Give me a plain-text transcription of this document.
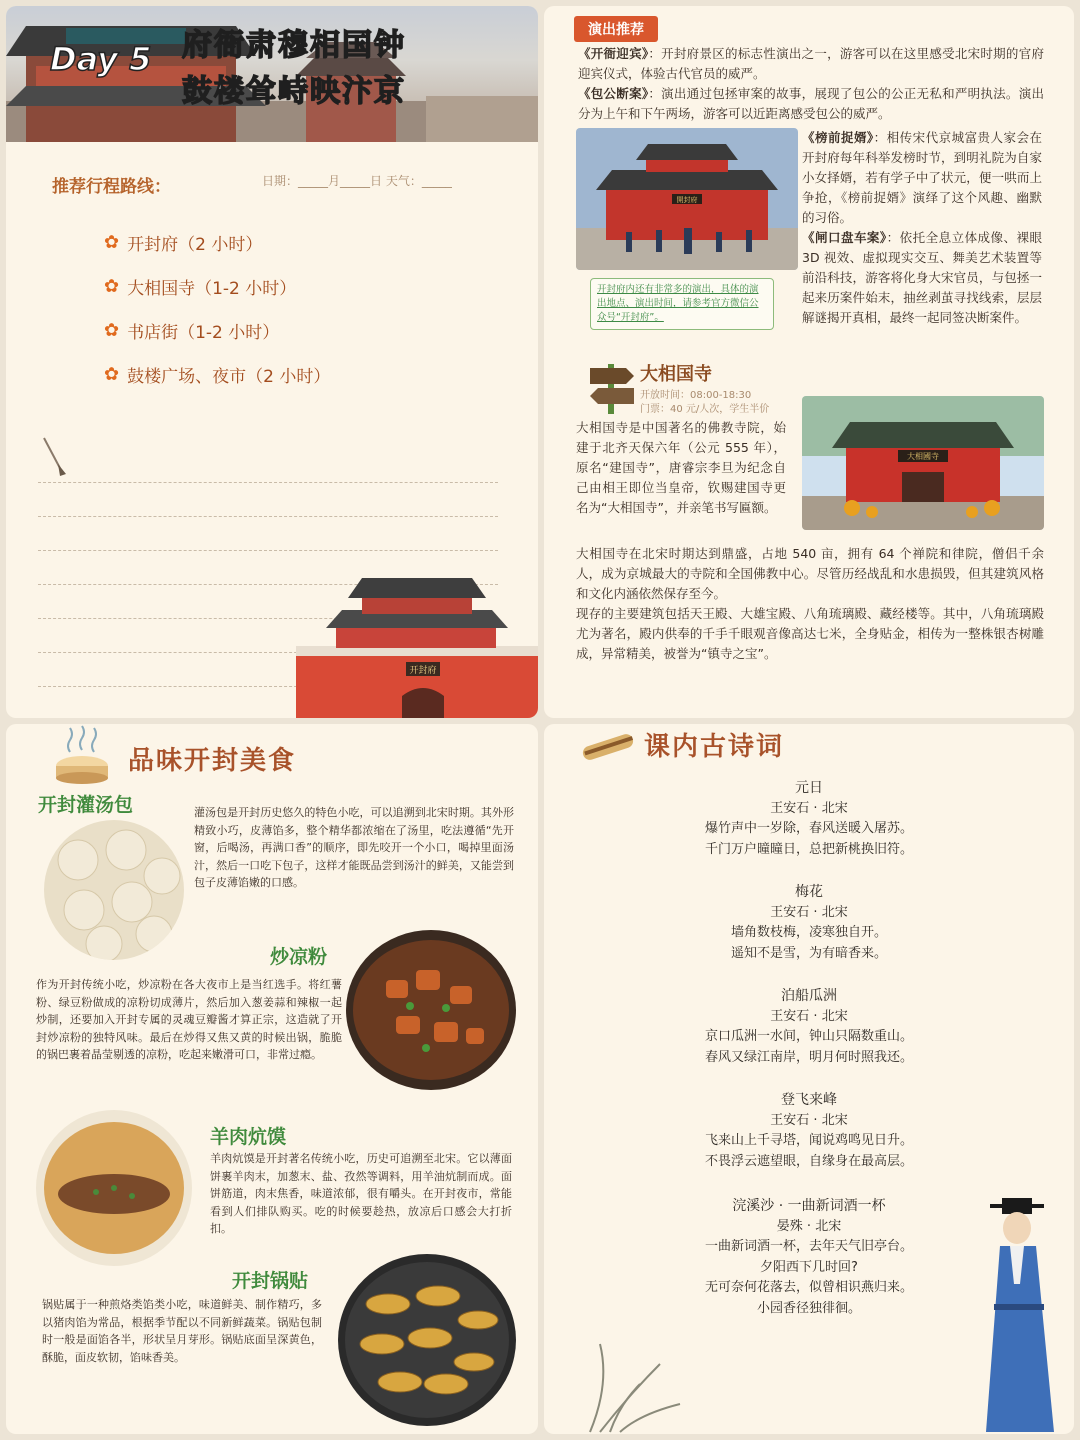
Day 5 府衙肃穆相国钟
鼓楼耸峙映汴京
推荐行程路线：	日期：_____月_____日 天气：_____
✿ 开封府（2 小时）
✿ 大相国寺（1-2 小时）
✿ 书店街（1-2 小时）
✿ 鼓楼广场、夜市（2 小时）
开封府
演出推荐
《开衙迎宾》：开封府景区的标志性演出之一，游客可以在这里感受北宋时期的官府迎宾仪式，体验古代官员的威严。
《包公断案》：演出通过包拯审案的故事，展现了包公的公正无私和严明执法。演出分为上午和下午两场，游客可以近距离感受包公的威严。
開封府
开封府内还有非常多的演出，具体的演出地点、演出时间，请参考官方微信公众号“开封府”。
《榜前捉婿》：相传宋代京城富贵人家会在开封府每年科举发榜时节，到明礼院为自家小女择婿，若有学子中了状元，便一哄而上争抢，《榜前捉婿》演绎了这个风趣、幽默的习俗。
《闸口盘车案》：依托全息立体成像、裸眼 3D 视效、虚拟现实交互、舞美艺术装置等前沿科技，游客将化身大宋官员，与包拯一起来历案件始末，抽丝剥茧寻找线索，层层解谜揭开真相，最终一起同签决断案件。
大相国寺
开放时间：08:00-18:30
门票：40 元/人次，学生半价
大相国寺是中国著名的佛教寺院，始建于北齐天保六年（公元 555 年），原名“建国寺”，唐睿宗李旦为纪念自己由相王即位当皇帝，钦赐建国寺更名为“大相国寺”，并亲笔书写匾额。
大相國寺
大相国寺在北宋时期达到鼎盛，占地 540 亩，拥有 64 个禅院和律院，僧侣千余人，成为京城最大的寺院和全国佛教中心。尽管历经战乱和水患损毁，但其建筑风格和文化内涵依然保存至今。
现存的主要建筑包括天王殿、大雄宝殿、八角琉璃殿、藏经楼等。其中，八角琉璃殿尤为著名，殿内供奉的千手千眼观音像高达七米，全身贴金，相传为一整株银杏树雕成，异常精美，被誉为“镇寺之宝”。
品味开封美食
开封灌汤包	灌汤包是开封历史悠久的特色小吃，可以追溯到北宋时期。其外形精致小巧，皮薄馅多，整个精华都浓缩在了汤里，吃法遵循“先开窗，后喝汤，再满口香”的顺序，即先咬开一个小口，喝掉里面汤汁，然后一口吃下包子，这样才能既品尝到汤汁的鲜美，又能尝到包子皮薄馅嫩的口感。
炒凉粉
作为开封传统小吃，炒凉粉在各大夜市上是当红选手。将红薯粉、绿豆粉做成的凉粉切成薄片，然后加入葱姜蒜和辣椒一起炒制，还要加入开封专属的灵魂豆瓣酱才算正宗，这造就了开封炒凉粉的独特风味。最后在炒得又焦又黄的时候出锅，脆脆的锅巴裹着晶莹剔透的凉粉，吃起来嫩滑可口，非常过瘾。
羊肉炕馍
羊肉炕馍是开封著名传统小吃，历史可追溯至北宋。它以薄面饼裹羊肉末，加葱末、盐、孜然等调料，用羊油炕制而成。面饼筋道，肉末焦香，味道浓郁，很有嚼头。在开封夜市，常能看到人们排队购买。吃的时候要趁热，放凉后口感会大打折扣。
开封锅贴
锅贴属于一种煎烙类馅类小吃，味道鲜美、制作精巧，多以猪肉馅为常品，根据季节配以不同新鲜蔬菜。锅贴包制时一般是面馅各半，形状呈月芽形。锅贴底面呈深黄色，酥脆，面皮软韧，馅味香美。
课内古诗词
元日
王安石 · 北宋
爆竹声中一岁除，春风送暖入屠苏。
千门万户曈曈日，总把新桃换旧符。
梅花
王安石 · 北宋
墙角数枝梅，凌寒独自开。
遥知不是雪，为有暗香来。
泊船瓜洲
王安石 · 北宋
京口瓜洲一水间，钟山只隔数重山。
春风又绿江南岸，明月何时照我还。
登飞来峰
王安石 · 北宋
飞来山上千寻塔，闻说鸡鸣见日升。
不畏浮云遮望眼，自缘身在最高层。
浣溪沙 · 一曲新词酒一杯
晏殊 · 北宋
一曲新词酒一杯，去年天气旧亭台。
夕阳西下几时回?
无可奈何花落去，似曾相识燕归来。
小园香径独徘徊。
